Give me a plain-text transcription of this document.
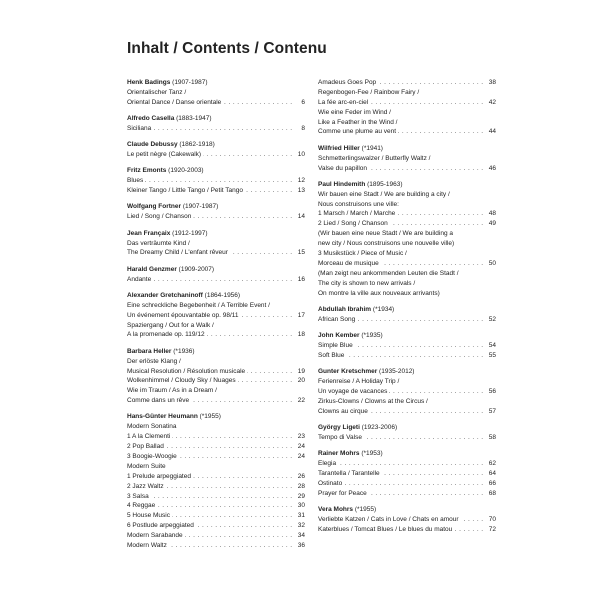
Inhalt / Contents / Contenu
Henk Badings (1907-1987)
Orientalischer Tanz /
Oriental Dance / Danse orientale	6
. . .
Alfredo Casella (1883-1947)
Siciliana	8
. . .
Claude Debussy (1862-1918)
Le petit nègre (Cakewalk)	10
. . .
Fritz Emonts (1920-2003)
Blues	12
. . .
Kleiner Tango / Little Tango / Petit Tango	13
. . .
Wolfgang Fortner (1907-1987)
Lied / Song / Chanson	14
. . .
Jean Françaix (1912-1997)
Das verträumte Kind /
The Dreamy Child / L'enfant rêveur	15
. . .
Harald Genzmer (1909-2007)
Andante	16
. . .
Alexander Gretchaninoff (1864-1956)
Eine schreckliche Begebenheit / A Terrible Event /
Un événement épouvantable op. 98/11	17
. . .
Spaziergang / Out for a Walk /
A la promenade op. 119/12	18
. . .
Barbara Heller (*1936)
Der erlöste Klang /
Musical Resolution / Résolution musicale	19
. . .
Wolkenhimmel / Cloudy Sky / Nuages	20
. . .
Wie im Traum / As in a Dream /
Comme dans un rêve	22
. . .
Hans-Günter Heumann (*1955)
Modern Sonatina
1 A la Clementi	23
. . .
2 Pop Ballad	24
. . .
3 Boogie-Woogie	24
. . .
Modern Suite
1 Prelude arpeggiated	26
. . .
2 Jazz Waltz	28
. . .
3 Salsa	29
. . .
4 Reggae	30
. . .
5 House Music	31
. . .
6 Postlude arpeggiated	32
. . .
Modern Sarabande	34
. . .
Modern Waltz	36
. . .
Amadeus Goes Pop	38
. . .
Regenbogen-Fee / Rainbow Fairy /
La fée arc-en-ciel	42
. . .
Wie eine Feder im Wind /
Like a Feather in the Wind /
Comme une plume au vent	44
. . .
Wilfried Hiller (*1941)
Schmetterlingswalzer / Butterfly Waltz /
Valse du papillon	46
. . .
Paul Hindemith (1895-1963)
Wir bauen eine Stadt / We are building a city /
Nous construisons une ville:
1 Marsch / March / Marche	48
. . .
2 Lied / Song / Chanson	49
. . .
(Wir bauen eine neue Stadt / We are building a
new city / Nous construisons une nouvelle ville)
3 Musikstück / Piece of Music /
Morceau de musique	50
. . .
(Man zeigt neu ankommenden Leuten die Stadt /
The city is shown to new arrivals /
On montre la ville aux nouveaux arrivants)
Abdullah Ibrahim (*1934)
African Song	52
. . .
John Kember (*1935)
Simple Blue	54
. . .
Soft Blue	55
. . .
Gunter Kretschmer (1935-2012)
Ferienreise / A Holiday Trip /
Un voyage de vacances	56
. . .
Zirkus-Clowns / Clowns at the Circus /
Clowns au cirque	57
. . .
György Ligeti (1923-2006)
Tempo di Valse	58
. . .
Rainer Mohrs (*1953)
Elegia	62
. . .
Tarantella / Tarantelle	64
. . .
Ostinato	66
. . .
Prayer for Peace	68
. . .
Vera Mohrs (*1955)
Verliebte Katzen / Cats in Love / Chats en amour	70
. . .
Katerblues / Tomcat Blues / Le blues du matou	72
. . .
